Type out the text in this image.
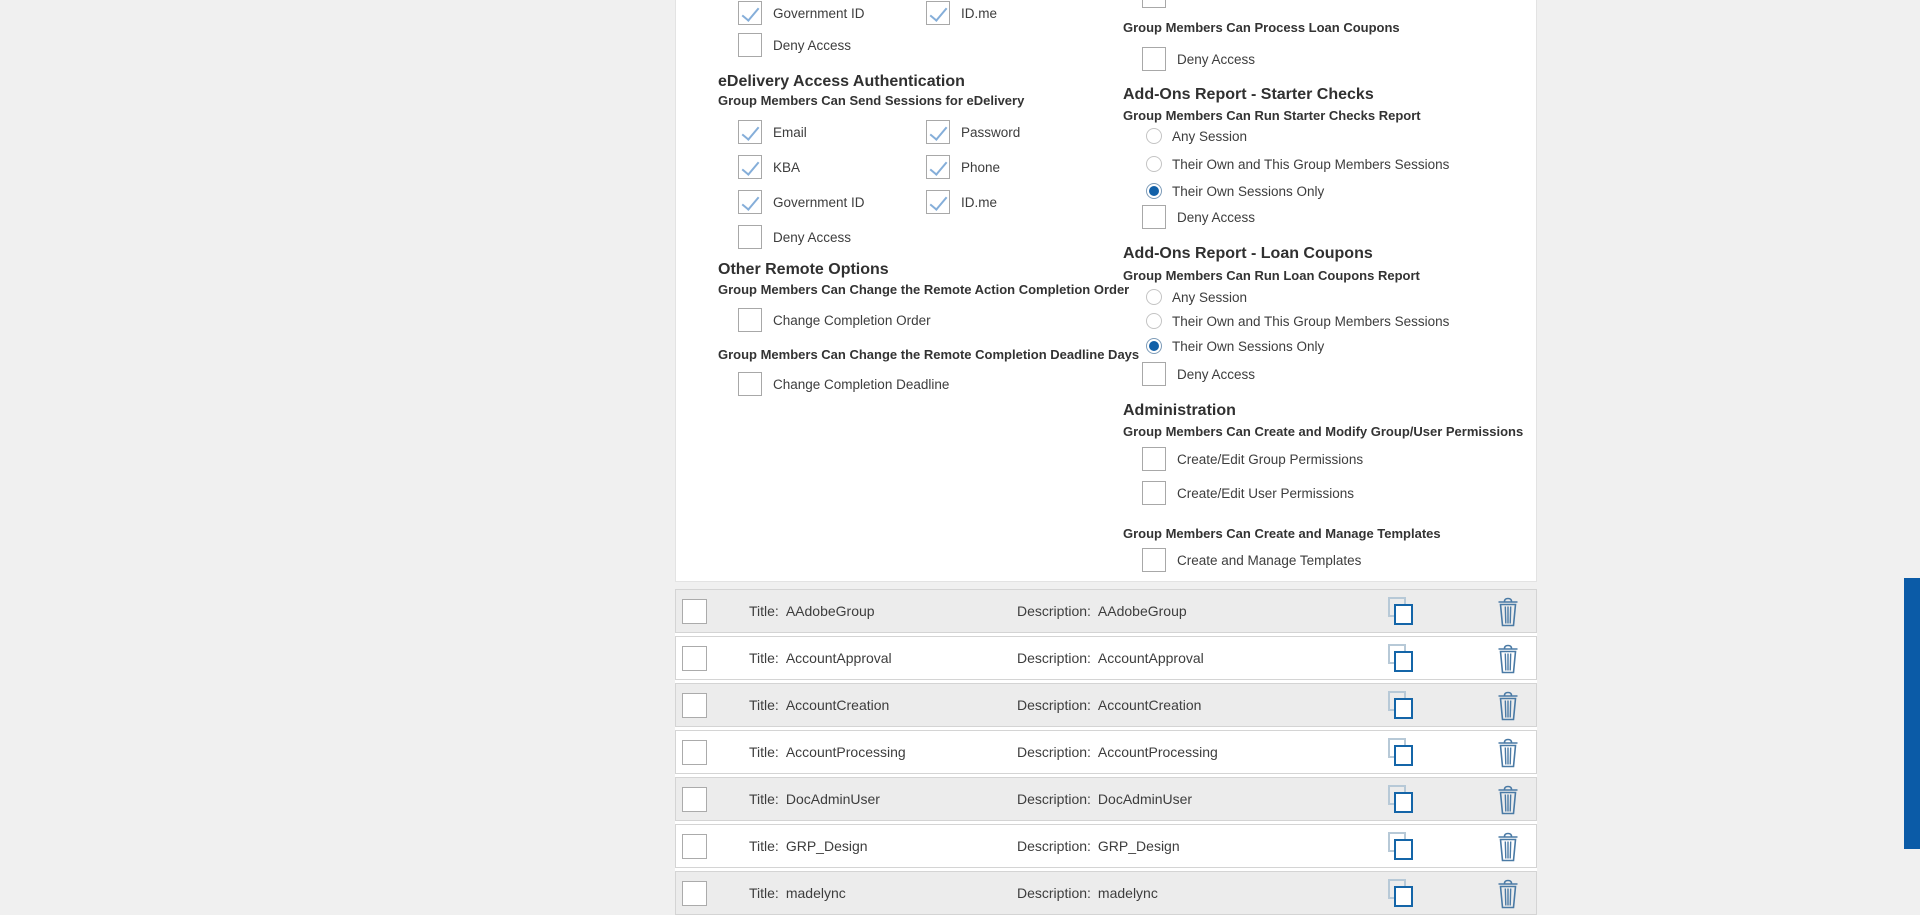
Government ID	ID.me
Deny Access
eDelivery Access Authentication
Group Members Can Send Sessions for eDelivery
Email	Password
KBA	Phone
Government ID	ID.me
Deny Access
Other Remote Options
Group Members Can Change the Remote Action Completion Order
Change Completion Order
Group Members Can Change the Remote Completion Deadline Days
Change Completion Deadline
Group Members Can Process Loan Coupons
Deny Access
Add-Ons Report - Starter Checks
Group Members Can Run Starter Checks Report
Any Session
Their Own and This Group Members Sessions
Their Own Sessions Only
Deny Access
Add-Ons Report - Loan Coupons
Group Members Can Run Loan Coupons Report
Any Session
Their Own and This Group Members Sessions
Their Own Sessions Only
Deny Access
Administration
Group Members Can Create and Modify Group/User Permissions
Create/Edit Group Permissions
Create/Edit User Permissions
Group Members Can Create and Manage Templates
Create and Manage Templates
Title: AAdobeGroup	Description: AAdobeGroup
Title: AccountApproval	Description: AccountApproval
Title: AccountCreation	Description: AccountCreation
Title: AccountProcessing	Description: AccountProcessing
Title: DocAdminUser	Description: DocAdminUser
Title: GRP_Design	Description: GRP_Design
Title: madelync	Description: madelync
